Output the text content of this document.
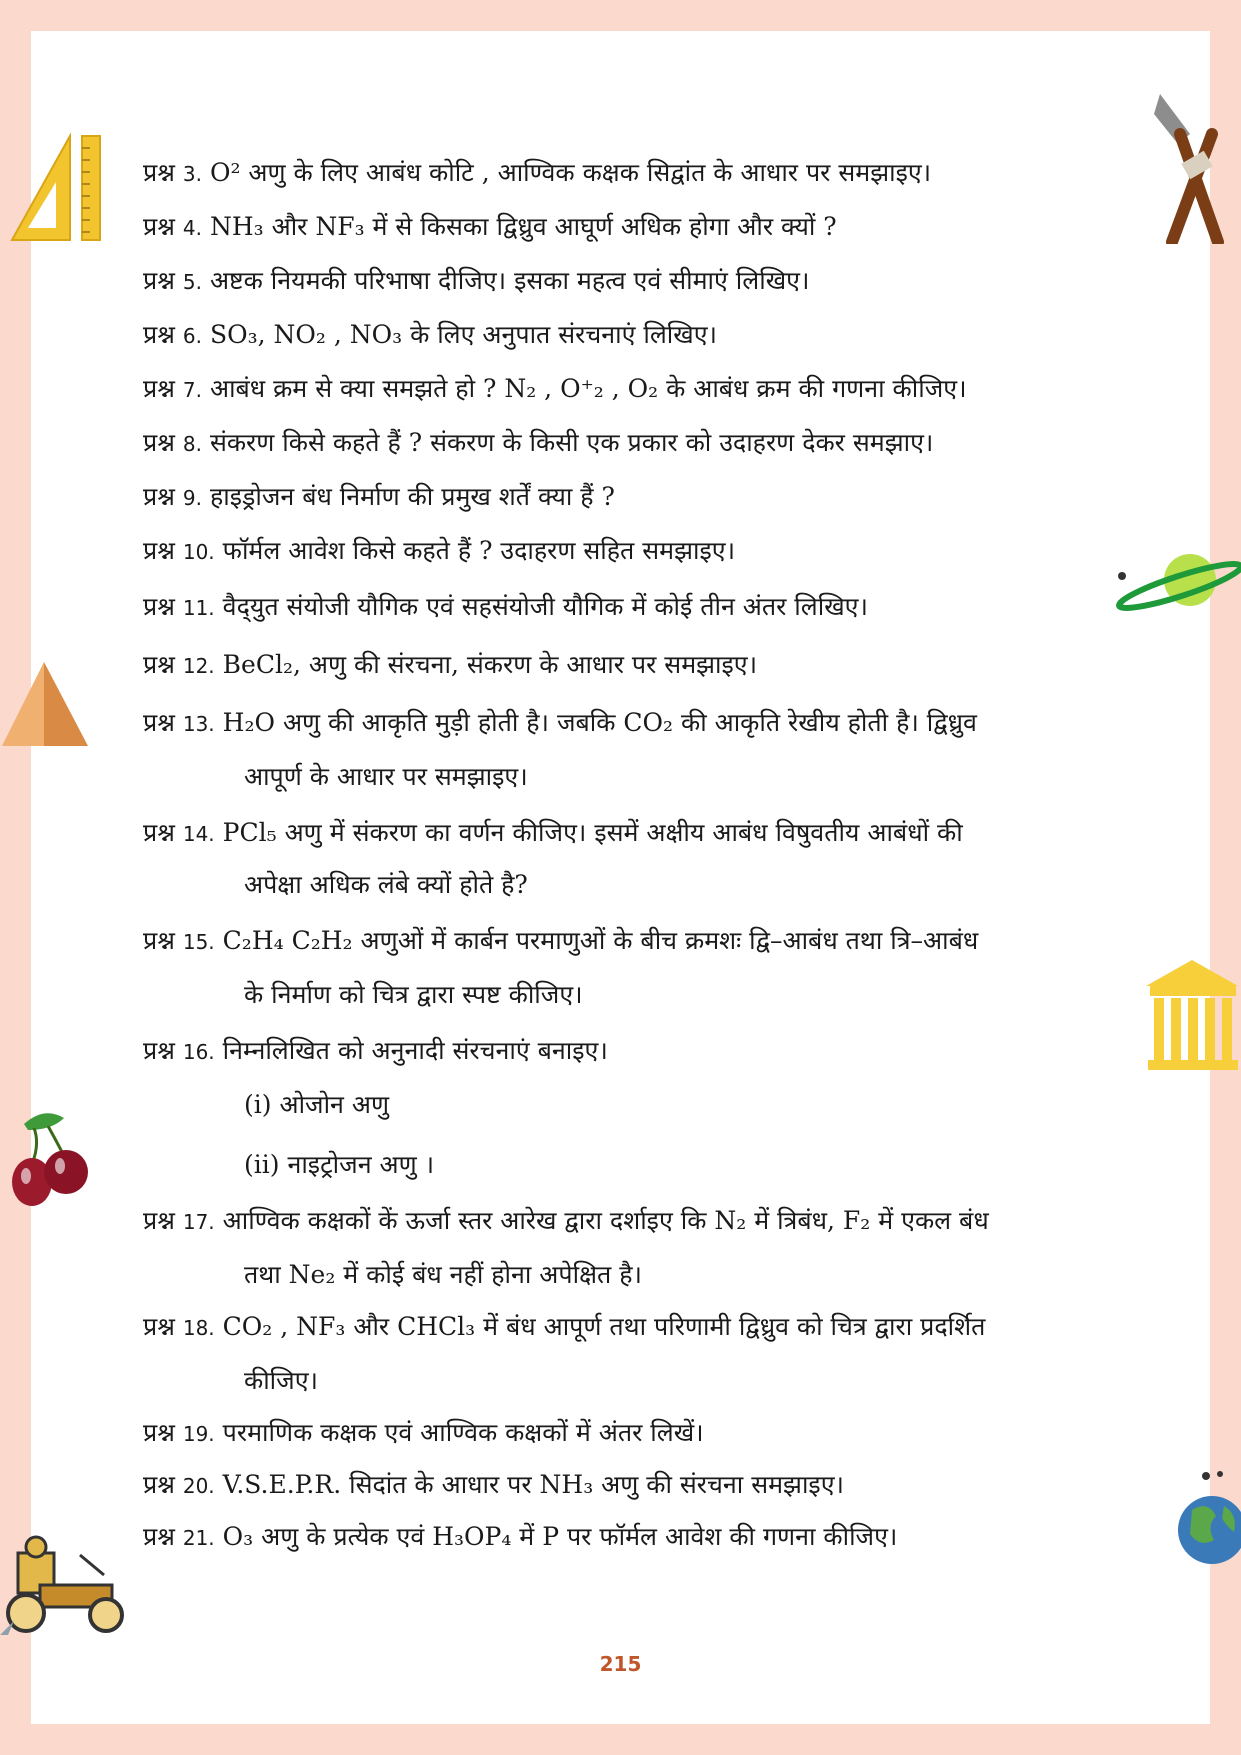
प्रश्न 3. O² अणु के लिए आबंध कोटि , आण्विक कक्षक सिद्वांत के आधार पर समझाइए।
प्रश्न 4. NH₃ और NF₃ में से किसका द्विध्रुव आघूर्ण अधिक होगा और क्यों ?
प्रश्न 5. अष्टक नियमकी परिभाषा दीजिए। इसका महत्व एवं सीमाएं लिखिए।
प्रश्न 6. SO₃, NO₂ , NO₃ के लिए अनुपात संरचनाएं लिखिए।
प्रश्न 7. आबंध क्रम से क्या समझते हो ? N₂ , O⁺₂ , O₂ के आबंध क्रम की गणना कीजिए।
प्रश्न 8. संकरण किसे कहते हैं ? संकरण के किसी एक प्रकार को उदाहरण देकर समझाए।
प्रश्न 9. हाइड्रोजन बंध निर्माण की प्रमुख शर्तें क्या हैं ?
प्रश्न 10. फॉर्मल आवेश किसे कहते हैं ? उदाहरण सहित समझाइए।
प्रश्न 11. वैद्‌युत संयोजी यौगिक एवं सहसंयोजी यौगिक में कोई तीन अंतर लिखिए।
प्रश्न 12. BeCl₂, अणु की संरचना, संकरण के आधार पर समझाइए।
प्रश्न 13. H₂O अणु की आकृति मुड़ी होती है। जबकि CO₂ की आकृति रेखीय होती है। द्विध्रुव
आपूर्ण के आधार पर समझाइए।
प्रश्न 14. PCl₅ अणु में संकरण का वर्णन कीजिए। इसमें अक्षीय आबंध विषुवतीय आबंधों की
अपेक्षा अधिक लंबे क्यों होते है?
प्रश्न 15. C₂H₄ C₂H₂ अणुओं में कार्बन परमाणुओं के बीच क्रमशः द्वि–आबंध तथा त्रि–आबंध
के निर्माण को चित्र द्वारा स्पष्ट कीजिए।
प्रश्न 16. निम्नलिखित को अनुनादी संरचनाएं बनाइए।
(i) ओजोन अणु
(ii) नाइट्रोजन अणु ।
प्रश्न 17. आण्विक कक्षकों कें ऊर्जा स्तर आरेख द्वारा दर्शाइए कि N₂ में त्रिबंध, F₂ में एकल बंध
तथा Ne₂ में कोई बंध नहीं होना अपेक्षित है।
प्रश्न 18. CO₂ , NF₃ और CHCl₃ में बंध आपूर्ण तथा परिणामी द्विध्रुव को चित्र द्वारा प्रदर्शित
कीजिए।
प्रश्न 19. परमाणिक कक्षक एवं आण्विक कक्षकों में अंतर लिखें।
प्रश्न 20. V.S.E.P.R. सिदांत के आधार पर NH₃ अणु की संरचना समझाइए।
प्रश्न 21. O₃ अणु के प्रत्येक एवं H₃OP₄ में P पर फॉर्मल आवेश की गणना कीजिए।
215
